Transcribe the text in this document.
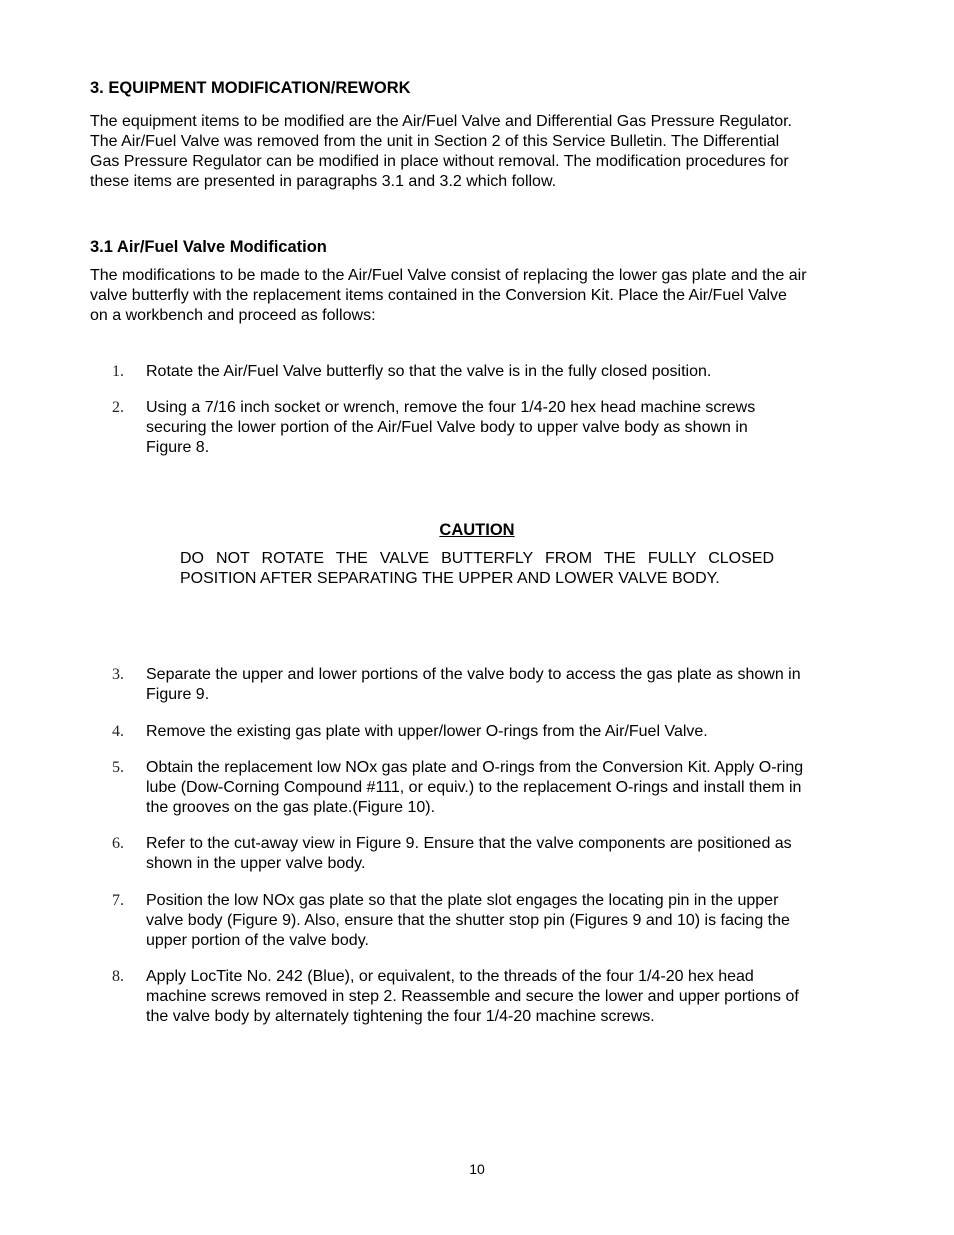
3. EQUIPMENT MODIFICATION/REWORK
The equipment items to be modified are the Air/Fuel Valve and Differential Gas Pressure Regulator.
The Air/Fuel Valve was removed from the unit in Section 2 of this Service Bulletin. The Differential
Gas Pressure Regulator can be modified in place without removal. The modification procedures for
these items are presented in paragraphs 3.1 and 3.2 which follow.
3.1 Air/Fuel Valve Modification
The modifications to be made to the Air/Fuel Valve consist of replacing the lower gas plate and the air
valve butterfly with the replacement items contained in the Conversion Kit. Place the Air/Fuel Valve
on a workbench and proceed as follows:
1. Rotate the Air/Fuel Valve butterfly so that the valve is in the fully closed position.
2. Using a 7/16 inch socket or wrench, remove the four 1/4-20 hex head machine screws
securing the lower portion of the Air/Fuel Valve body to upper valve body as shown in
Figure 8.
CAUTION
DO NOT ROTATE THE VALVE BUTTERFLY FROM THE FULLY CLOSED
POSITION AFTER SEPARATING THE UPPER AND LOWER VALVE BODY.
3. Separate the upper and lower portions of the valve body to access the gas plate as shown in
Figure 9.
4. Remove the existing gas plate with upper/lower O-rings from the Air/Fuel Valve.
5. Obtain the replacement low NOx gas plate and O-rings from the Conversion Kit. Apply O-ring
lube (Dow-Corning Compound #111, or equiv.) to the replacement O-rings and install them in
the grooves on the gas plate.(Figure 10).
6. Refer to the cut-away view in Figure 9. Ensure that the valve components are positioned as
shown in the upper valve body.
7. Position the low NOx gas plate so that the plate slot engages the locating pin in the upper
valve body (Figure 9). Also, ensure that the shutter stop pin (Figures 9 and 10) is facing the
upper portion of the valve body.
8. Apply LocTite No. 242 (Blue), or equivalent, to the threads of the four 1/4-20 hex head
machine screws removed in step 2. Reassemble and secure the lower and upper portions of
the valve body by alternately tightening the four 1/4-20 machine screws.
10
